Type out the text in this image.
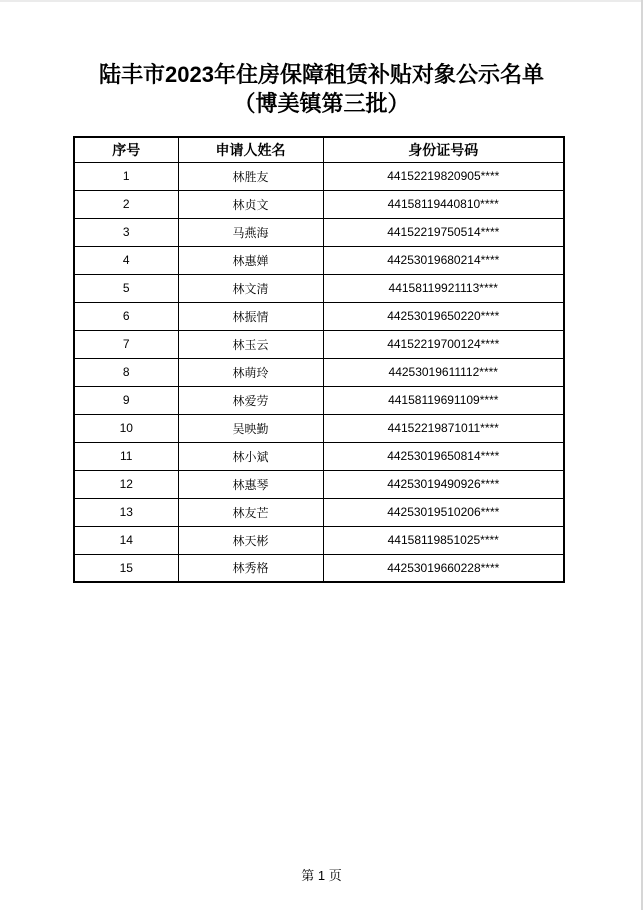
陆丰市2023年住房保障租赁补贴对象公示名单
（博美镇第三批）
序号	申请人姓名	身份证号码
1	林胜友	44152219820905****
2	林贞文	44158119440810****
3	马燕海	44152219750514****
4	林惠婵	44253019680214****
5	林文清	44158119921113****
6	林振情	44253019650220****
7	林玉云	44152219700124****
8	林萌玲	44253019611112****
9	林爱劳	44158119691109****
10	吴映勤	44152219871011****
11	林小斌	44253019650814****
12	林惠琴	44253019490926****
13	林友芒	44253019510206****
14	林天彬	44158119851025****
15	林秀格	44253019660228****
第 1 页
